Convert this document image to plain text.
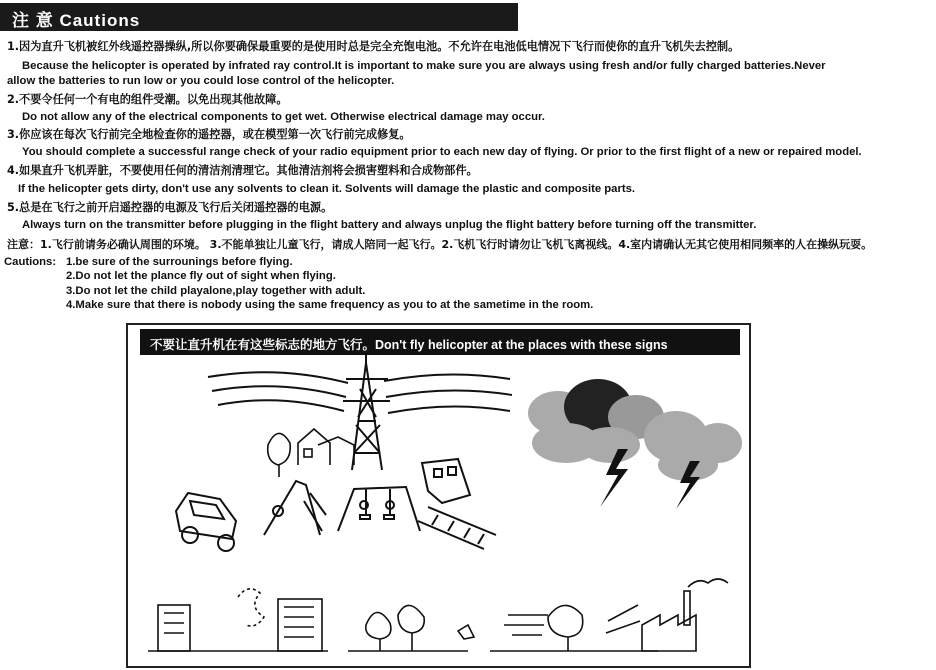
注 意 Cautions
1.因为直升飞机被红外线遥控器操纵,所以你要确保最重要的是使用时总是完全充饱电池。不允许在电池低电情况下飞行而使你的直升飞机失去控制。
Because the helicopter is operated by infrated ray control.It is important to make sure you are always using fresh and/or fully charged batteries.Never
allow the batteries to run low or you could lose control of the helicopter.
2.不要令任何一个有电的组件受潮。以免出现其他故障。
Do not allow any of the electrical components to get wet. Otherwise electrical damage may occur.
3.你应该在每次飞行前完全地检查你的遥控器，或在模型第一次飞行前完成修复。
You should complete a successful range check of your radio equipment prior to each new day of flying. Or prior to the first flight of a new or repaired model.
4.如果直升飞机弄脏，不要使用任何的清洁剂清理它。其他清洁剂将会损害塑料和合成物部件。
If the helicopter gets dirty, don't use any solvents to clean it. Solvents will damage the plastic and composite parts.
5.总是在飞行之前开启遥控器的电源及飞行后关闭遥控器的电源。
Always turn on the transmitter before plugging in the flight battery and always unplug the flight battery before turning off the transmitter.
注意：1.飞行前请务必确认周围的环境。 3.不能单独让儿童飞行，请成人陪同一起飞行。2.飞机飞行时请勿让飞机飞离视线。4.室内请确认无其它使用相同频率的人在操纵玩耍。
Cautions: 1.be sure of the surrounings before flying.
2.Do not let the plance fly out of sight when flying.
3.Do not let the child playalone,play together with adult.
4.Make sure that there is nobody using the same frequency as you to at the sametime in the room.
不要让直升机在有这些标志的地方飞行。Don't fly helicopter at the places with these signs
